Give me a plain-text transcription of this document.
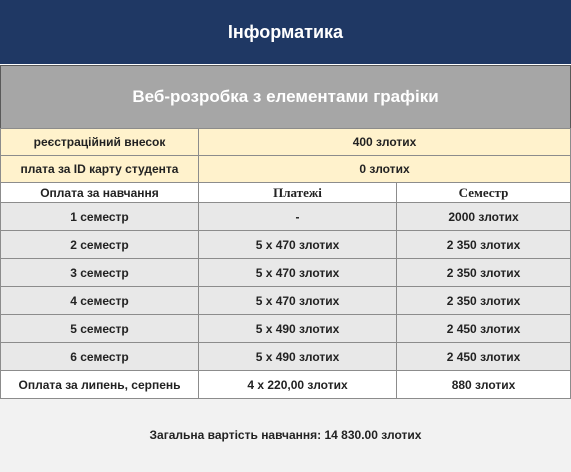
Інформатика
Веб-розробка з елементами графіки
реєстраційний внесок	400 злотих	
плата за ID карту студента	0 злотих	
Оплата за навчання	Платежі	Семестр
1 семестр	-	2000 злотих
2 семестр	5 x 470 злотих	2 350 злотих
3 семестр	5 x 470 злотих	2 350 злотих
4 семестр	5 x 470 злотих	2 350 злотих
5 семестр	5 x 490 злотих	2 450 злотих
6 семестр	5 x 490 злотих	2 450 злотих
Оплата за липень, серпень	4 x 220,00 злотих	880 злотих
Загальна вартість навчання: 14 830.00 злотих
